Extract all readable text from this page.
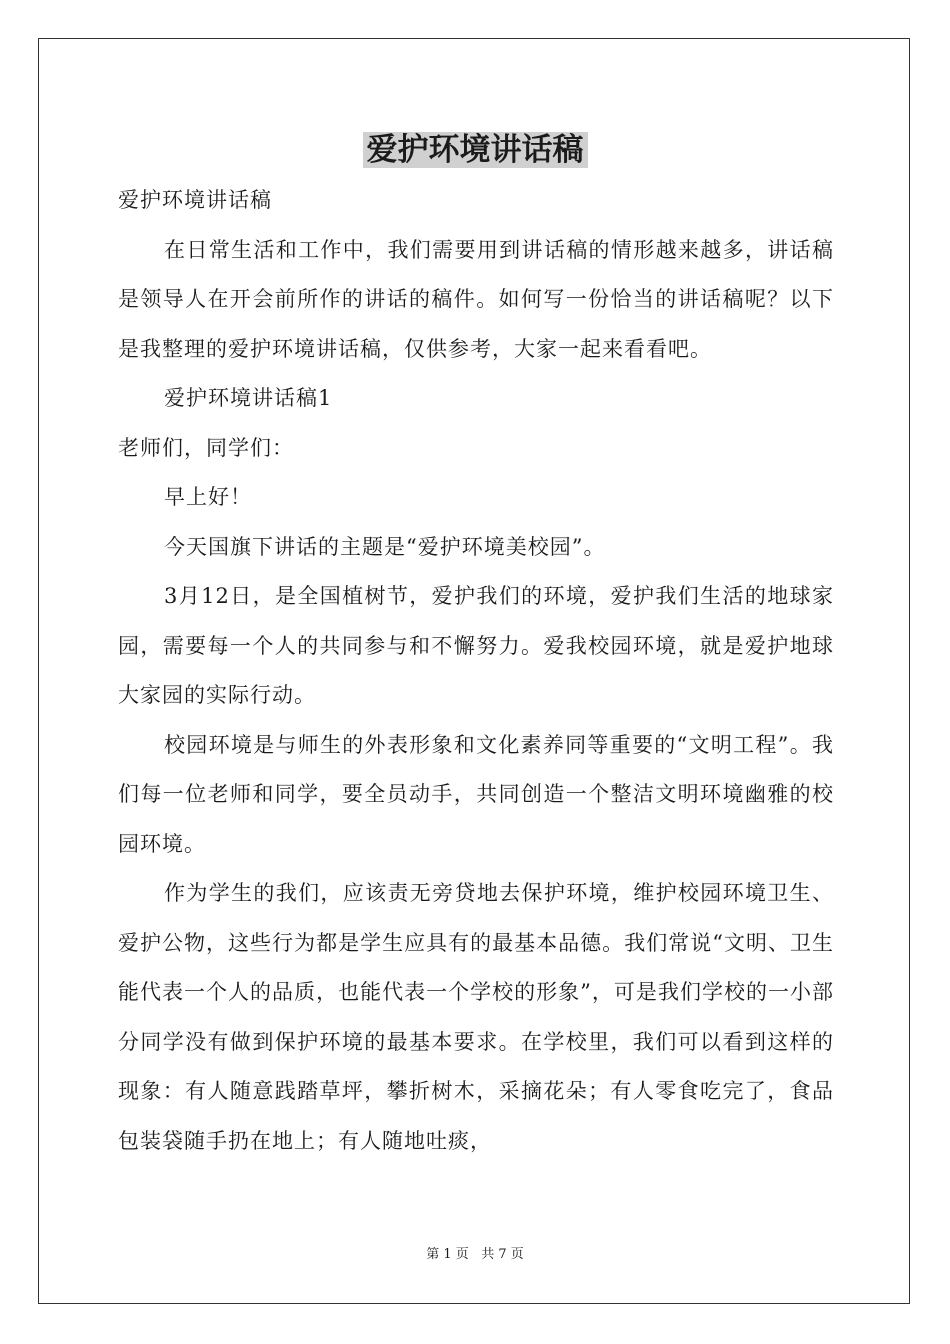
爱护环境讲话稿

爱护环境讲话稿

在日常生活和工作中，我们需要用到讲话稿的情形越来越多，讲话稿是领导人在开会前所作的讲话的稿件。如何写一份恰当的讲话稿呢？以下是我整理的爱护环境讲话稿，仅供参考，大家一起来看看吧。

爱护环境讲话稿1

老师们，同学们：

早上好！

今天国旗下讲话的主题是“爱护环境美校园”。

3月12日，是全国植树节，爱护我们的环境，爱护我们生活的地球家园，需要每一个人的共同参与和不懈努力。爱我校园环境，就是爱护地球大家园的实际行动。

校园环境是与师生的外表形象和文化素养同等重要的“文明工程”。我们每一位老师和同学，要全员动手，共同创造一个整洁文明环境幽雅的校园环境。

作为学生的我们，应该责无旁贷地去保护环境，维护校园环境卫生、爱护公物，这些行为都是学生应具有的最基本品德。我们常说“文明、卫生能代表一个人的品质，也能代表一个学校的形象”，可是我们学校的一小部分同学没有做到保护环境的最基本要求。在学校里，我们可以看到这样的现象：有人随意践踏草坪，攀折树木，采摘花朵；有人零食吃完了，食品包装袋随手扔在地上；有人随地吐痰，

第 1 页   共 7 页
